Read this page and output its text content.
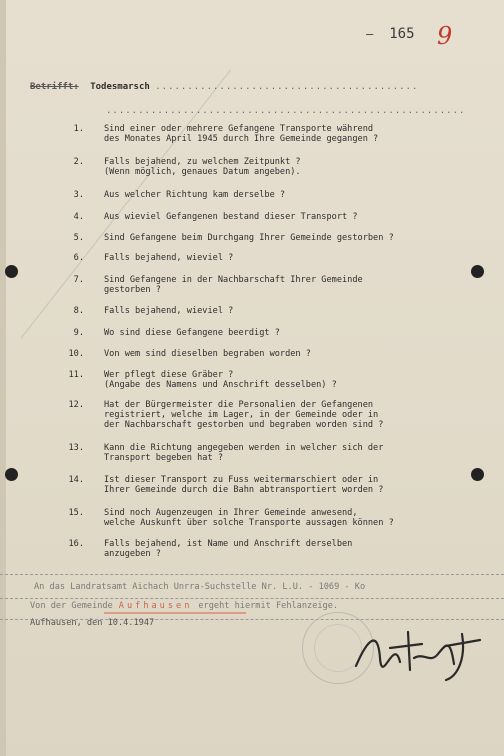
– 165 9
Betrifft: Todesmarsch .........................................
........................................................
1. Sind einer oder mehrere Gefangene Transporte während
des Monates April 1945 durch Ihre Gemeinde gegangen ?
2. Falls bejahend, zu welchem Zeitpunkt ?
(Wenn möglich, genaues Datum angeben).
3. Aus welcher Richtung kam derselbe ?
4. Aus wieviel Gefangenen bestand dieser Transport ?
5. Sind Gefangene beim Durchgang Ihrer Gemeinde gestorben ?
6. Falls bejahend, wieviel ?
7. Sind Gefangene in der Nachbarschaft Ihrer Gemeinde
gestorben ?
8. Falls bejahend, wieviel ?
9. Wo sind diese Gefangene beerdigt ?
10. Von wem sind dieselben begraben worden ?
11. Wer pflegt diese Gräber ?
(Angabe des Namens und Anschrift desselben) ?
12. Hat der Bürgermeister die Personalien der Gefangenen
registriert, welche im Lager, in der Gemeinde oder in
der Nachbarschaft gestorben und begraben worden sind ?
13. Kann die Richtung angegeben werden in welcher sich der
Transport begeben hat ?
14. Ist dieser Transport zu Fuss weitermarschiert oder in
Ihrer Gemeinde durch die Bahn abtransportiert worden ?
15. Sind noch Augenzeugen in Ihrer Gemeinde anwesend,
welche Auskunft über solche Transporte aussagen können ?
16. Falls bejahend, ist Name und Anschrift derselben
anzugeben ?
An das Landratsamt Aichach Unrra-Suchstelle Nr. L.U. - 1069 - Ko
Von der Gemeinde Aufhausen ergeht hiermit Fehlanzeige.
Aufhausen, den 10.4.1947
